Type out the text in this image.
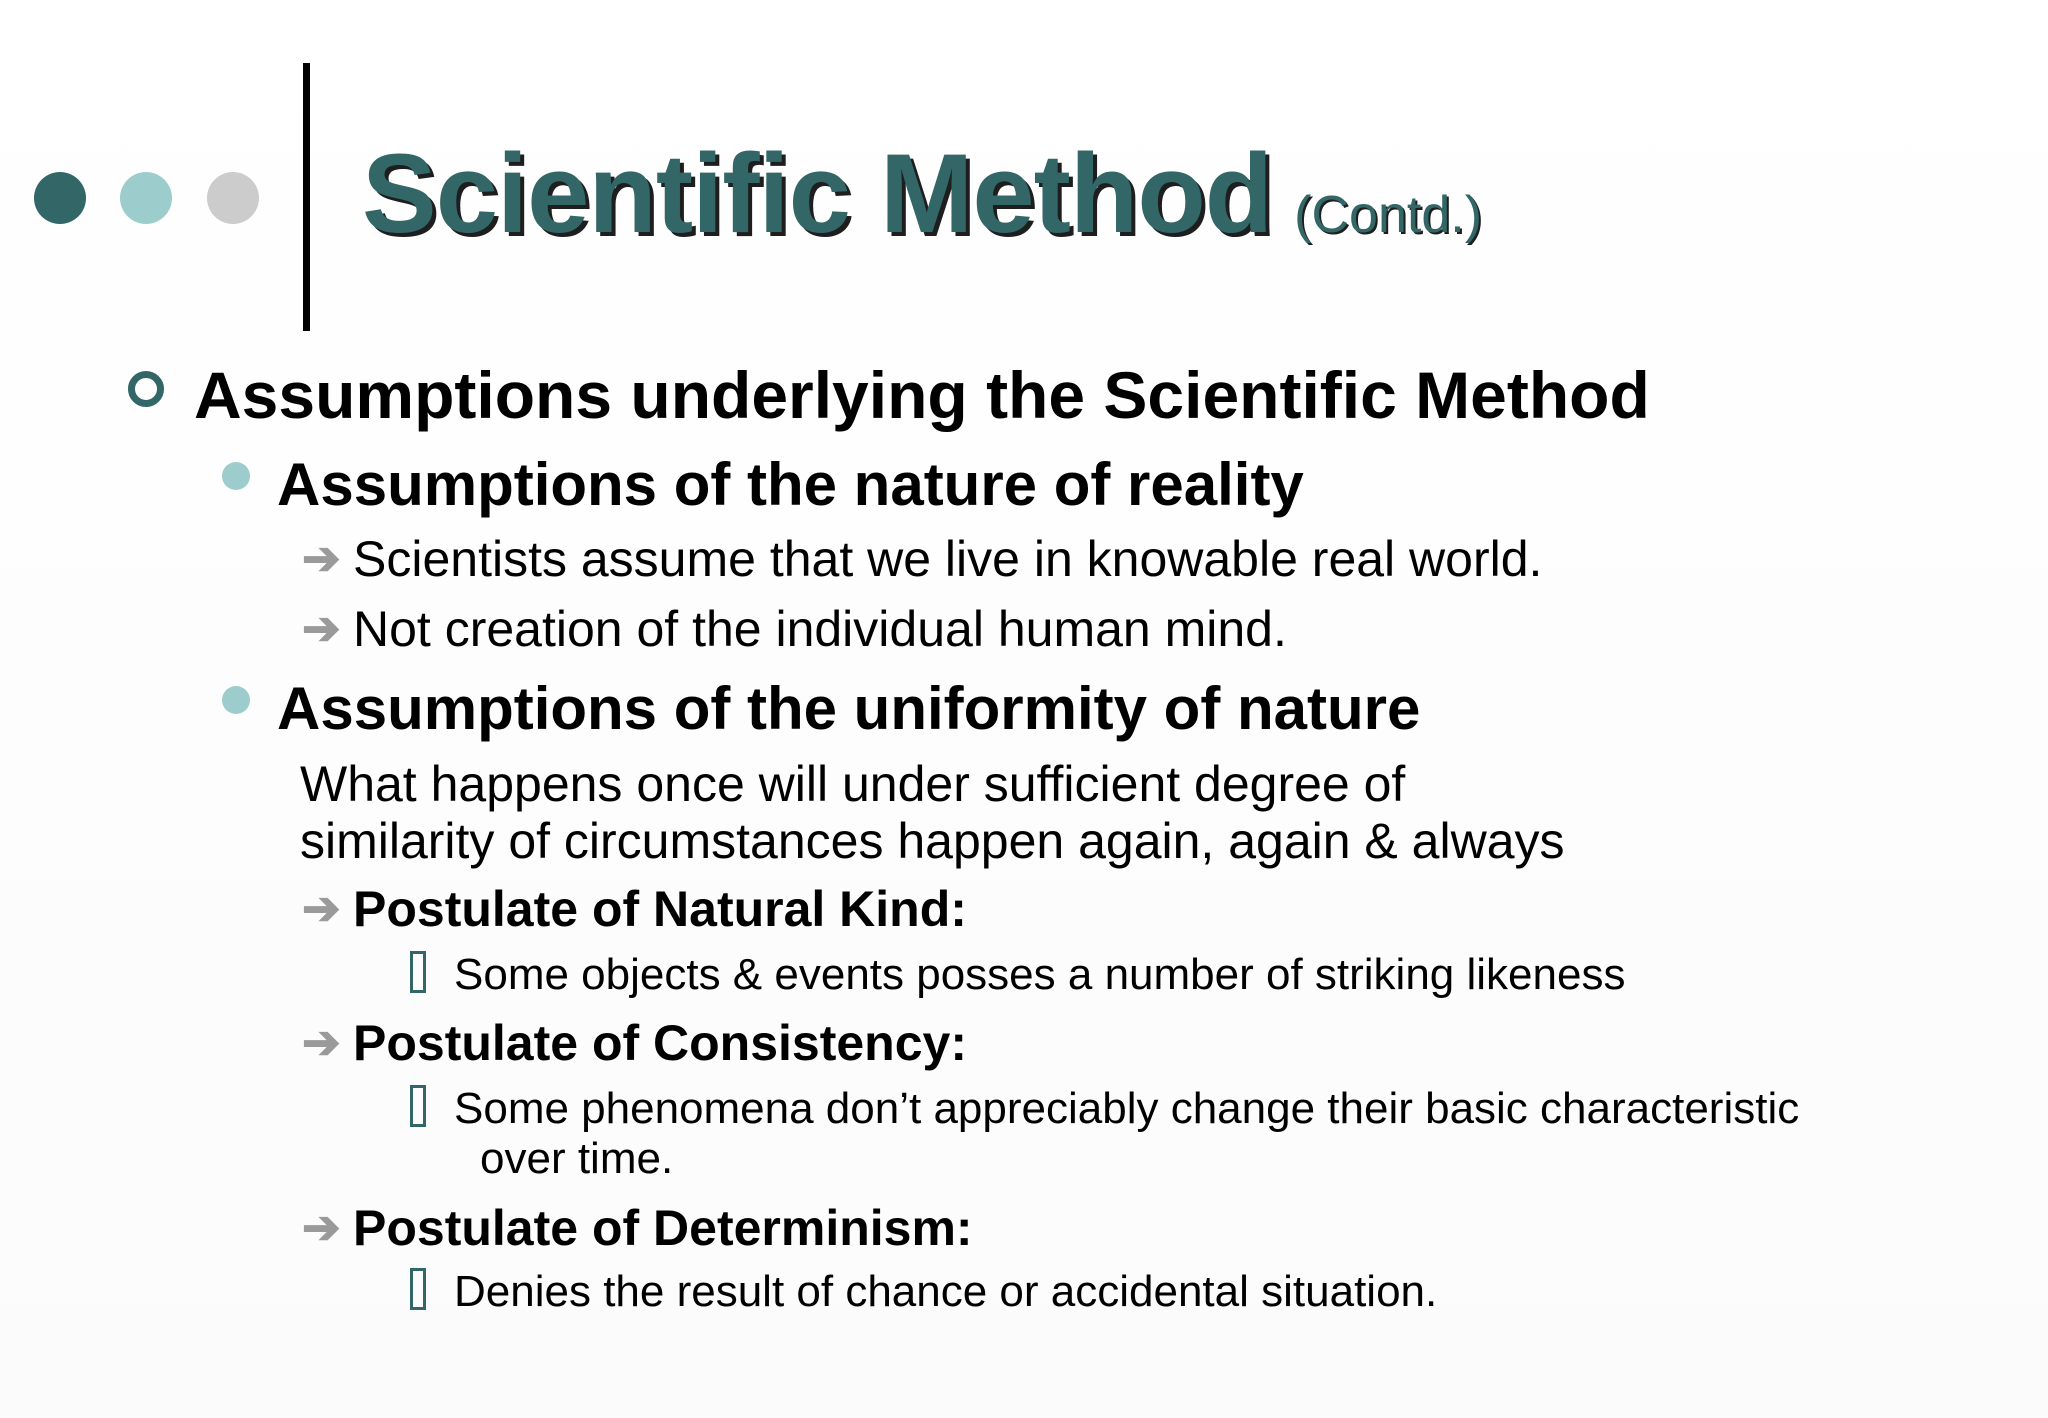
Scientific Method (Contd.)
Assumptions underlying the Scientific Method
Assumptions of the nature of reality
➔ Scientists assume that we live in knowable real world.
➔ Not creation of the individual human mind.
Assumptions of the uniformity of nature
What happens once will under sufficient degree of
similarity of circumstances happen again, again & always
➔ Postulate of Natural Kind:
Some objects & events posses a number of striking likeness
➔ Postulate of Consistency:
Some phenomena don’t appreciably change their basic characteristic
over time.
➔ Postulate of Determinism:
Denies the result of chance or accidental situation.
